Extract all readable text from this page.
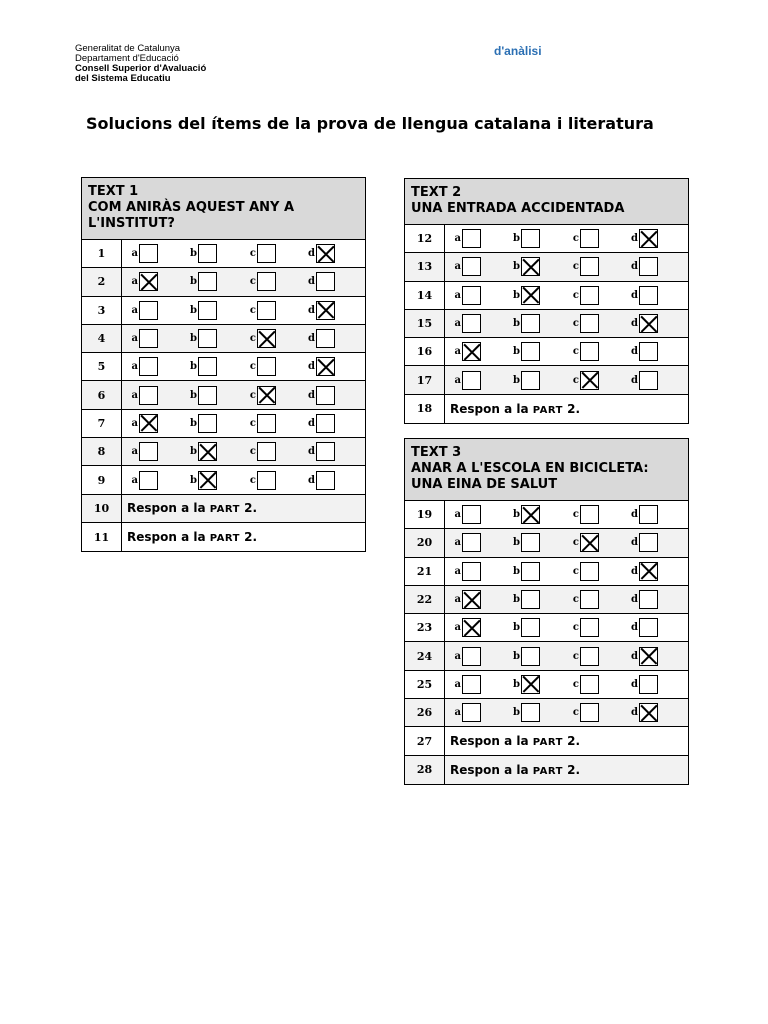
Generalitat de Catalunya
Departament d'Educació
Consell Superior d'Avaluació
del Sistema Educatiu
d'anàlisi
Solucions del ítems de la prova de llengua catalana i literatura
TEXT 1
COM ANIRÀS AQUEST ANY A
L'INSTITUT?
1	a	b	c	d
2	a	b	c	d
3	a	b	c	d
4	a	b	c	d
5	a	b	c	d
6	a	b	c	d
7	a	b	c	d
8	a	b	c	d
9	a	b	c	d
10	Respon a la PART 2.
11	Respon a la PART 2.
TEXT 2
UNA ENTRADA ACCIDENTADA
12	a	b	c	d
13	a	b	c	d
14	a	b	c	d
15	a	b	c	d
16	a	b	c	d
17	a	b	c	d
18	Respon a la PART 2.
TEXT 3
ANAR A L'ESCOLA EN BICICLETA:
UNA EINA DE SALUT
19	a	b	c	d
20	a	b	c	d
21	a	b	c	d
22	a	b	c	d
23	a	b	c	d
24	a	b	c	d
25	a	b	c	d
26	a	b	c	d
27	Respon a la PART 2.
28	Respon a la PART 2.
